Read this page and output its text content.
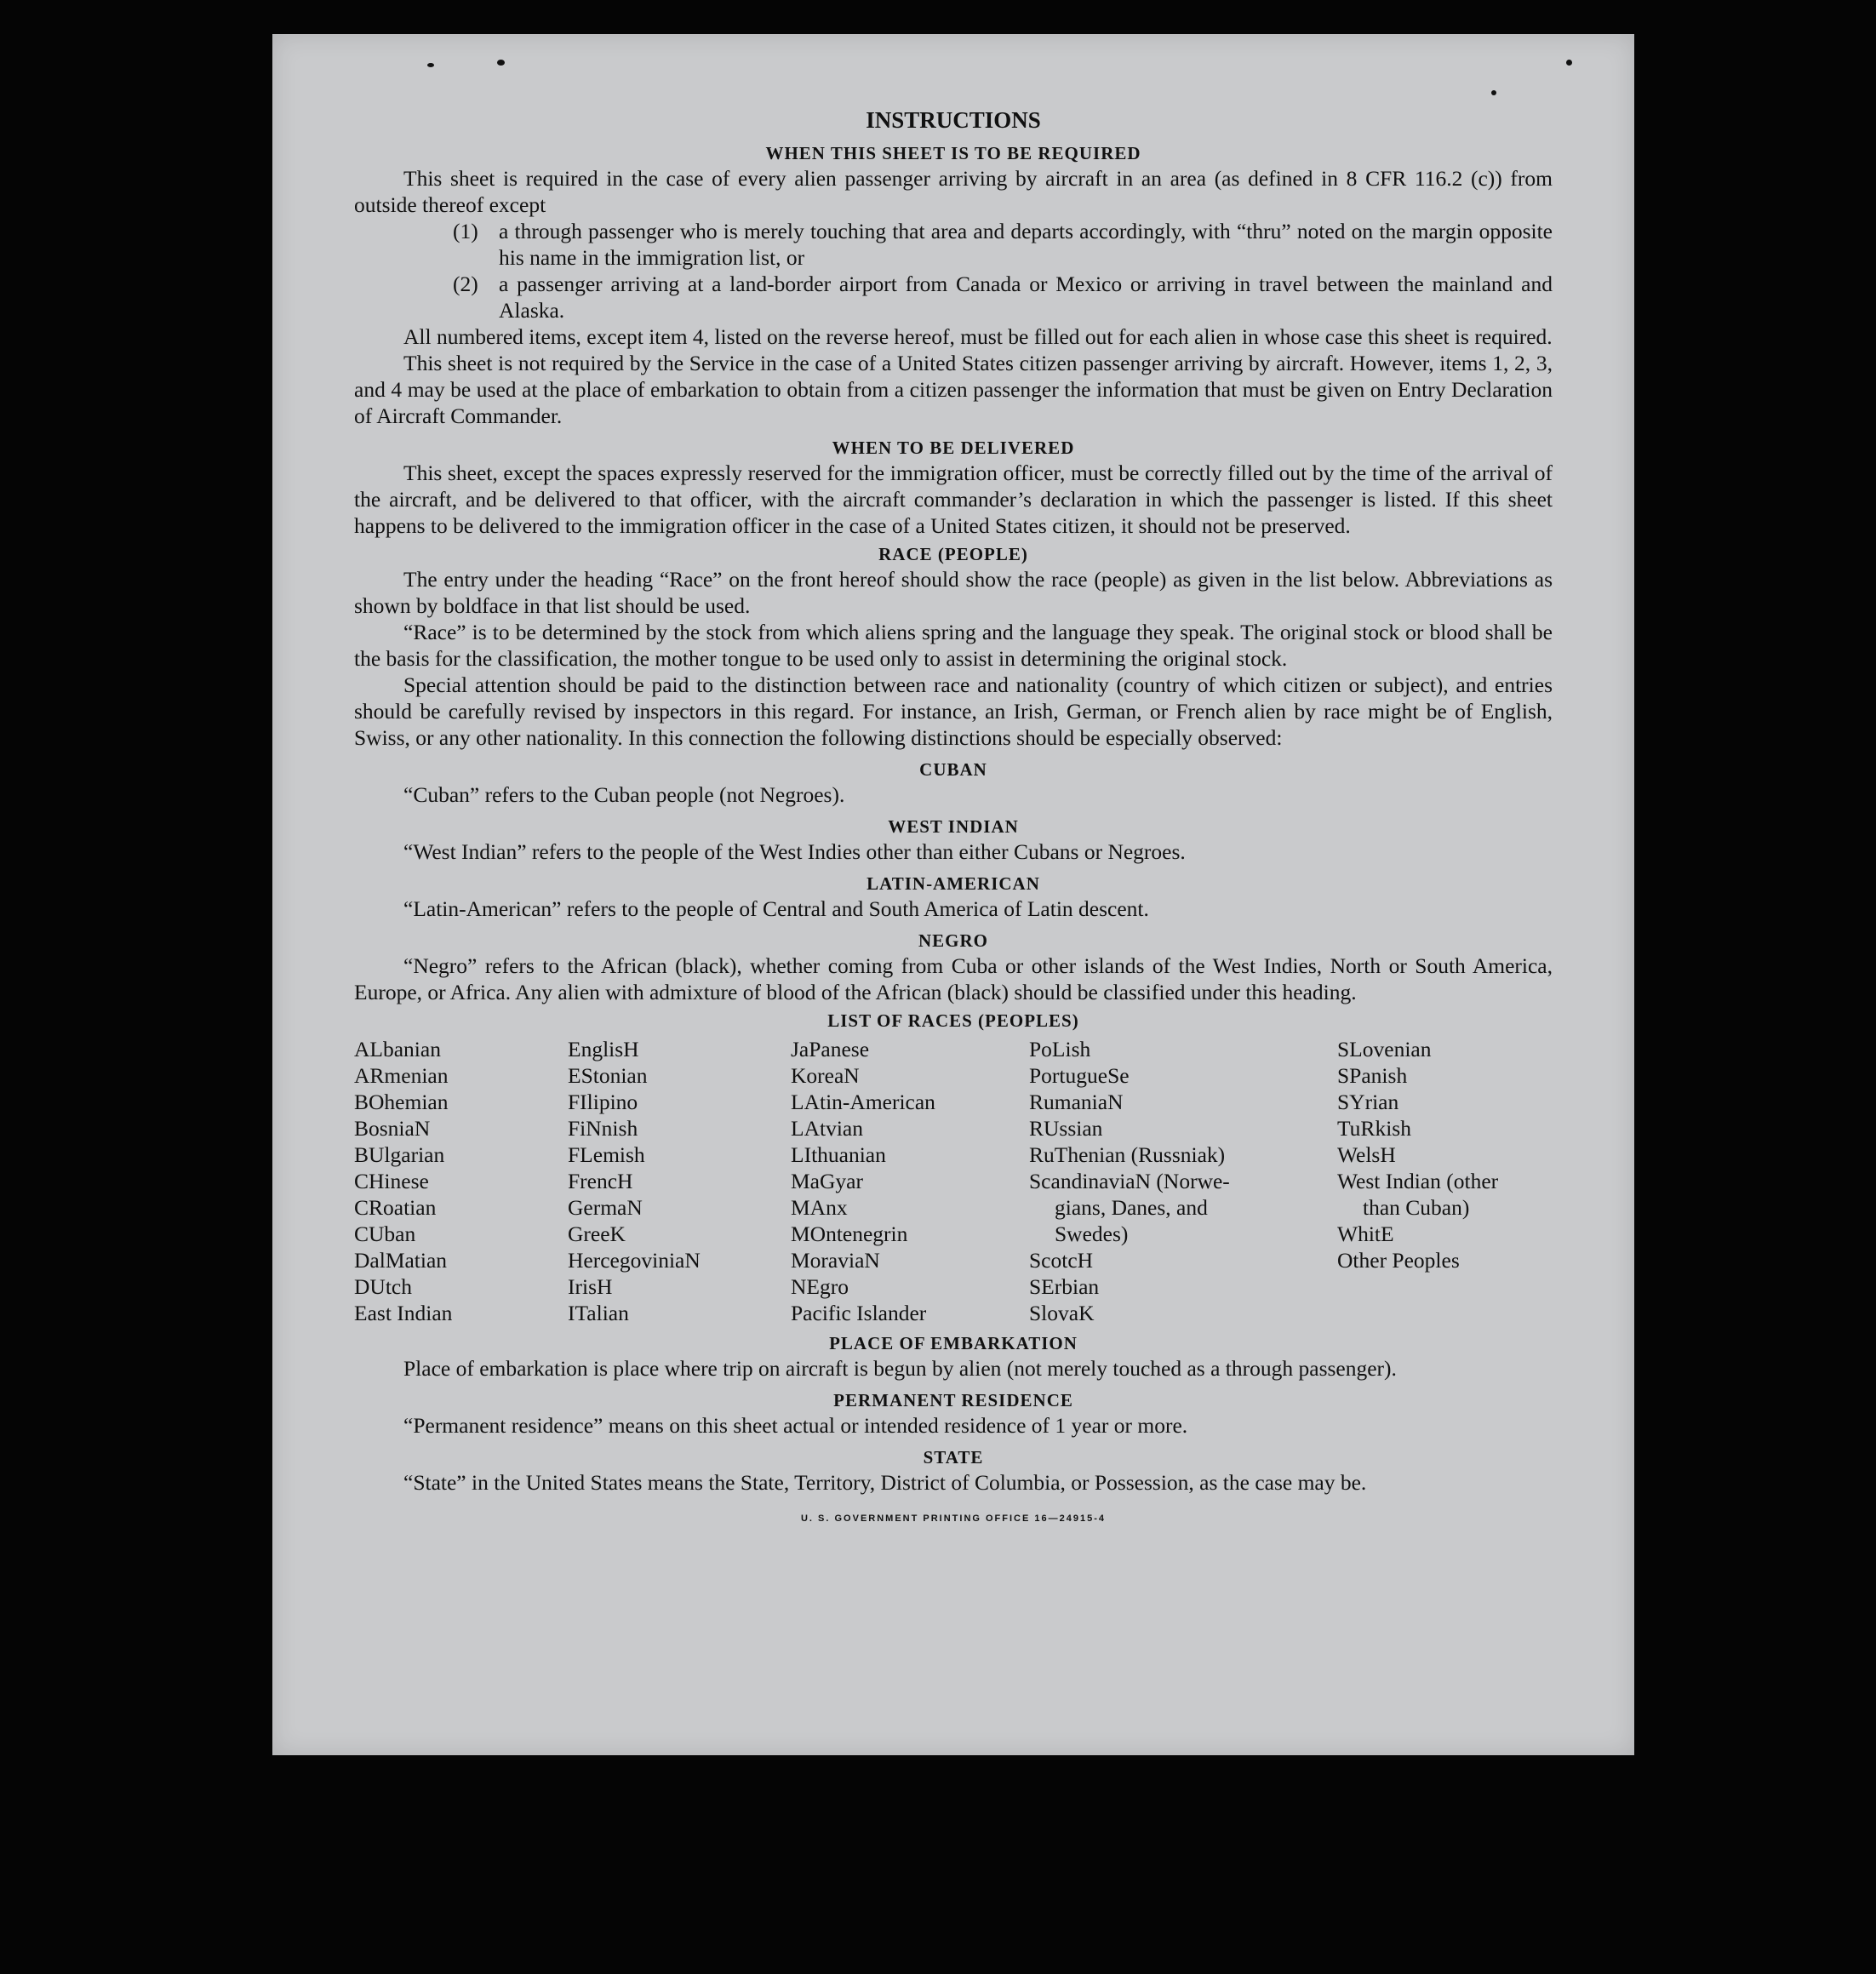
INSTRUCTIONS
WHEN THIS SHEET IS TO BE REQUIRED

This sheet is required in the case of every alien passenger arriving by aircraft in an area (as defined in 8 CFR 116.2 (c)) from outside thereof except

(1) a through passenger who is merely touching that area and departs accordingly, with “thru” noted on the margin opposite his name in the immigration list, or
(2) a passenger arriving at a land-border airport from Canada or Mexico or arriving in travel between the mainland and Alaska.

All numbered items, except item 4, listed on the reverse hereof, must be filled out for each alien in whose case this sheet is required.

This sheet is not required by the Service in the case of a United States citizen passenger arriving by aircraft. However, items 1, 2, 3, and 4 may be used at the place of embarkation to obtain from a citizen passenger the information that must be given on Entry Declaration of Aircraft Commander.

WHEN TO BE DELIVERED

This sheet, except the spaces expressly reserved for the immigration officer, must be correctly filled out by the time of the arrival of the aircraft, and be delivered to that officer, with the aircraft commander’s declaration in which the passenger is listed. If this sheet happens to be delivered to the immigration officer in the case of a United States citizen, it should not be preserved.

RACE (PEOPLE)

The entry under the heading “Race” on the front hereof should show the race (people) as given in the list below. Abbreviations as shown by boldface in that list should be used.

“Race” is to be determined by the stock from which aliens spring and the language they speak. The original stock or blood shall be the basis for the classification, the mother tongue to be used only to assist in determining the original stock.

Special attention should be paid to the distinction between race and nationality (country of which citizen or subject), and entries should be carefully revised by inspectors in this regard. For instance, an Irish, German, or French alien by race might be of English, Swiss, or any other nationality. In this connection the following distinctions should be especially observed:

CUBAN

“Cuban” refers to the Cuban people (not Negroes).

WEST INDIAN

“West Indian” refers to the people of the West Indies other than either Cubans or Negroes.

LATIN-AMERICAN

“Latin-American” refers to the people of Central and South America of Latin descent.

NEGRO

“Negro” refers to the African (black), whether coming from Cuba or other islands of the West Indies, North or South America, Europe, or Africa. Any alien with admixture of blood of the African (black) should be classified under this heading.

LIST OF RACES (PEOPLES)
ALbanian
ARmenian
BOhemian
BosniaN
BUlgarian
CHinese
CRoatian
CUban
DalMatian
DUtch
East Indian
EnglisH
EStonian
FIlipino
FiNnish
FLemish
FrencH
GermaN
GreeK
HercegoviniaN
IrisH
ITalian
JaPanese
KoreaN
LAtin-American
LAtvian
LIthuanian
MaGyar
MAnx
MOntenegrin
MoraviaN
NEgro
Pacific Islander
PoLish
PortugueSe
RumaniaN
RUssian
RuThenian (Russniak)
ScandinaviaN (Norwe-
gians, Danes, and
Swedes)
ScotcH
SErbian
SlovaK
SLovenian
SPanish
SYrian
TuRkish
WelsH
West Indian (other
than Cuban)
WhitE
Other Peoples
PLACE OF EMBARKATION

Place of embarkation is place where trip on aircraft is begun by alien (not merely touched as a through passenger).

PERMANENT RESIDENCE

“Permanent residence” means on this sheet actual or intended residence of 1 year or more.

STATE

“State” in the United States means the State, Territory, District of Columbia, or Possession, as the case may be.

U. S. GOVERNMENT PRINTING OFFICE 16—24915-4
